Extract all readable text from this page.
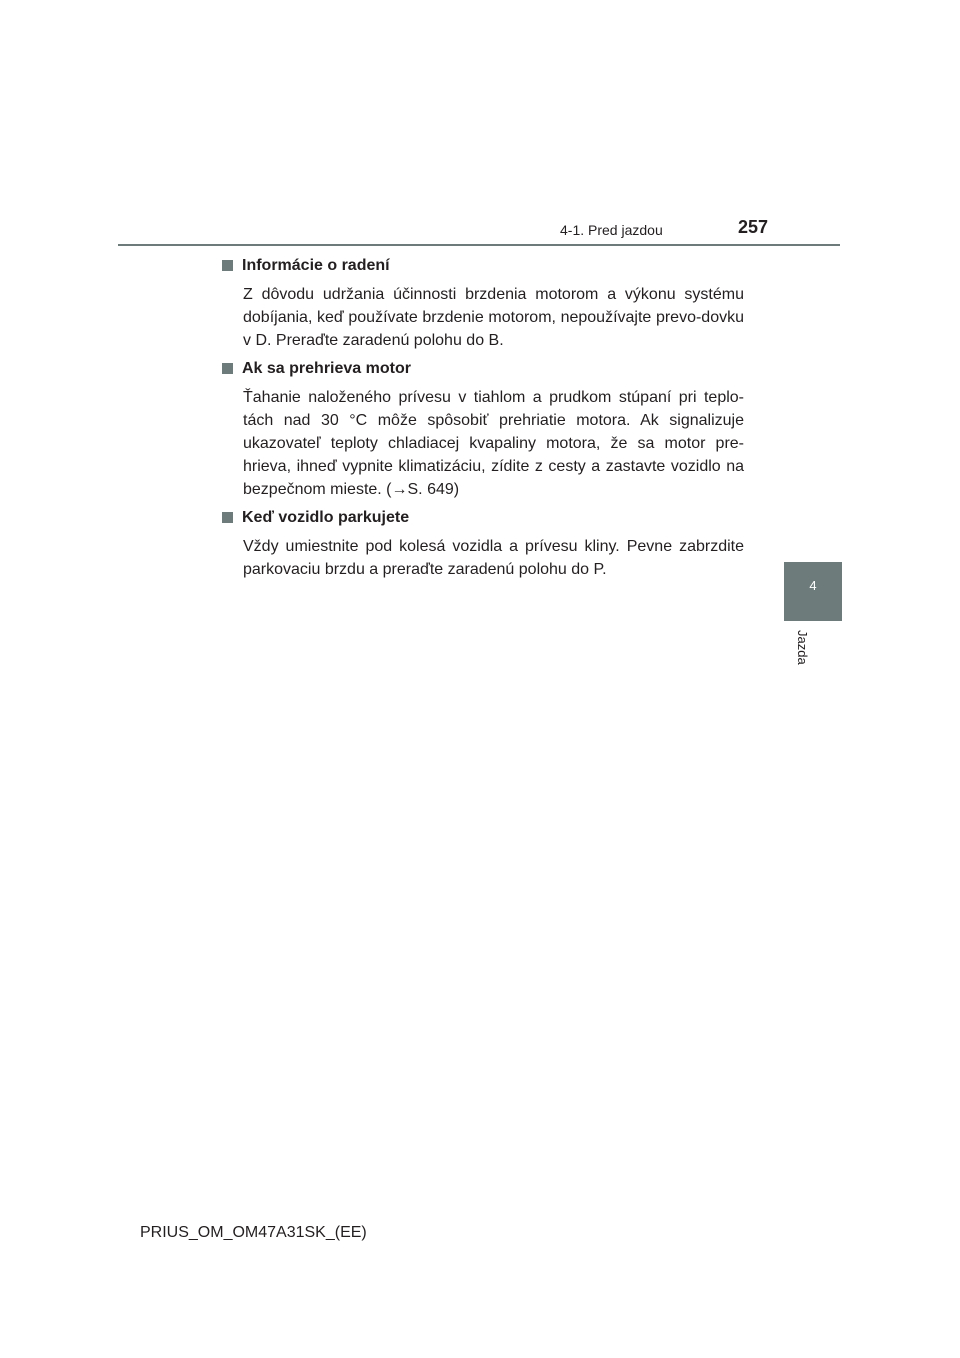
4-1. Pred jazdou	257
4
Jazda
Informácie o radení
Z dôvodu udržania účinnosti brzdenia motorom a výkonu systému dobíjania, keď používate brzdenie motorom, nepoužívajte prevo-dovku v D. Preraďte zaradenú polohu do B.
Ak sa prehrieva motor
Ťahanie naloženého prívesu v tiahlom a prudkom stúpaní pri teplo-tách nad 30 °C môže spôsobiť prehriatie motora. Ak signalizuje ukazovateľ teploty chladiacej kvapaliny motora, že sa motor pre-hrieva, ihneď vypnite klimatizáciu, zídite z cesty a zastavte vozidlo na bezpečnom mieste. (→S. 649)
Keď vozidlo parkujete
Vždy umiestnite pod kolesá vozidla a prívesu kliny. Pevne zabrzdite parkovaciu brzdu a preraďte zaradenú polohu do P.
PRIUS_OM_OM47A31SK_(EE)
